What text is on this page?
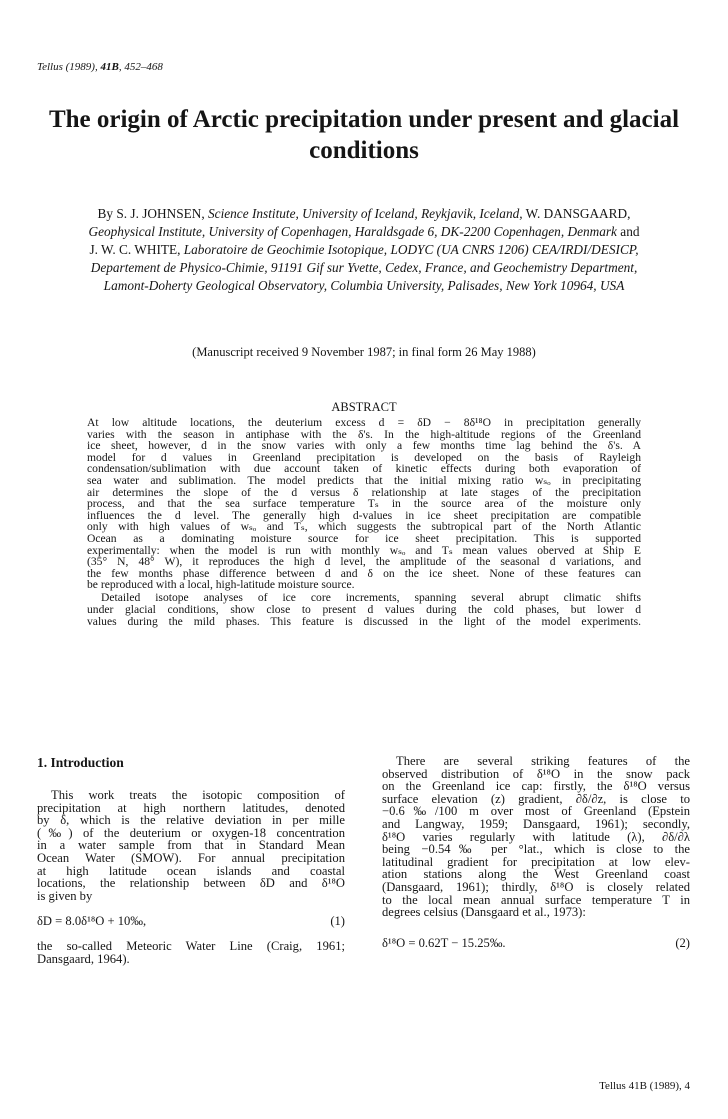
Tellus (1989), 41B, 452–468
The origin of Arctic precipitation under present and glacial
conditions
By S. J. JOHNSEN, Science Institute, University of Iceland, Reykjavik, Iceland, W. DANSGAARD,
Geophysical Institute, University of Copenhagen, Haraldsgade 6, DK-2200 Copenhagen, Denmark and
J. W. C. WHITE, Laboratoire de Geochimie Isotopique, LODYC (UA CNRS 1206) CEA/IRDI/DESICP,
Departement de Physico-Chimie, 91191 Gif sur Yvette, Cedex, France, and Geochemistry Department,
Lamont-Doherty Geological Observatory, Columbia University, Palisades, New York 10964, USA
(Manuscript received 9 November 1987; in final form 26 May 1988)
ABSTRACT
At low altitude locations, the deuterium excess d = δD − 8δ¹⁸O in precipitation generally
varies with the season in antiphase with the δ's. In the high-altitude regions of the Greenland
ice sheet, however, d in the snow varies with only a few months time lag behind the δ's. A
model for d values in Greenland precipitation is developed on the basis of Rayleigh
condensation/sublimation with due account taken of kinetic effects during both evaporation of
sea water and sublimation. The model predicts that the initial mixing ratio wₛₒ in precipitating
air determines the slope of the d versus δ relationship at late stages of the precipitation
process, and that the sea surface temperature Tₛ in the source area of the moisture only
influences the d level. The generally high d-values in ice sheet precipitation are compatible
only with high values of wₛₒ and Tₛ, which suggests the subtropical part of the North Atlantic
Ocean as a dominating moisture source for ice sheet precipitation. This is supported
experimentally: when the model is run with monthly wₛₒ and Tₛ mean values oberved at Ship E
(35° N, 48° W), it reproduces the high d level, the amplitude of the seasonal d variations, and
the few months phase difference between d and δ on the ice sheet. None of these features can
be reproduced with a local, high-latitude moisture source.
Detailed isotope analyses of ice core increments, spanning several abrupt climatic shifts
under glacial conditions, show close to present d values during the cold phases, but lower d
values during the mild phases. This feature is discussed in the light of the model experiments.
1. Introduction
This work treats the isotopic composition of
precipitation at high northern latitudes, denoted
by δ, which is the relative deviation in per mille
(‰) of the deuterium or oxygen-18 concentration
in a water sample from that in Standard Mean
Ocean Water (SMOW). For annual precipitation
at high latitude ocean islands and coastal
locations, the relationship between δD and δ¹⁸O
is given by
δD = 8.0δ¹⁸O + 10‰,	(1)
the so-called Meteoric Water Line (Craig, 1961;
Dansgaard, 1964).
There are several striking features of the
observed distribution of δ¹⁸O in the snow pack
on the Greenland ice cap: firstly, the δ¹⁸O versus
surface elevation (z) gradient, ∂δ/∂z, is close to
−0.6‰/100 m over most of Greenland (Epstein
and Langway, 1959; Dansgaard, 1961); secondly,
δ¹⁸O varies regularly with latitude (λ), ∂δ/∂λ
being −0.54‰ per °lat., which is close to the
latitudinal gradient for precipitation at low elev-
ation stations along the West Greenland coast
(Dansgaard, 1961); thirdly, δ¹⁸O is closely related
to the local mean annual surface temperature T in
degrees celsius (Dansgaard et al., 1973):
δ¹⁸O = 0.62T − 15.25‰.	(2)
Tellus 41B (1989), 4
